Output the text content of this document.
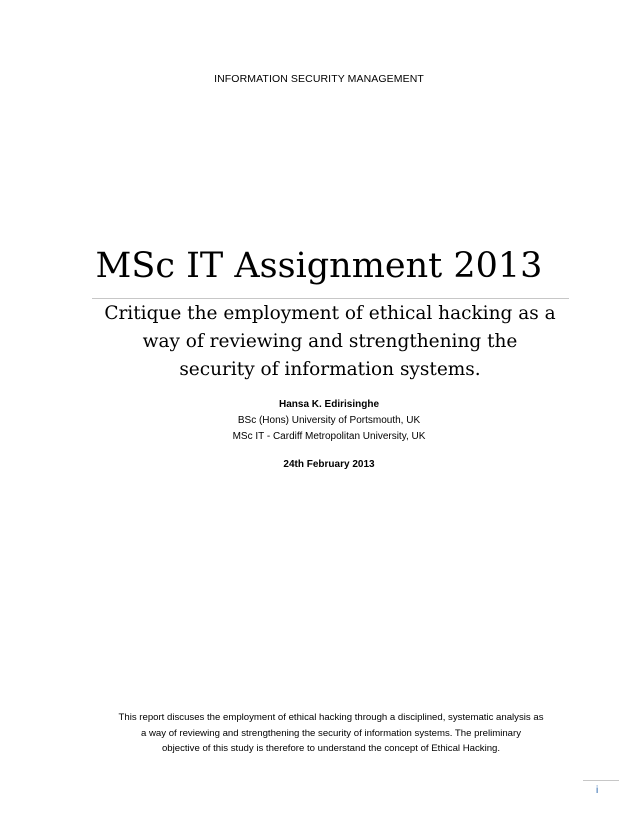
INFORMATION SECURITY MANAGEMENT
MSc IT Assignment 2013
Critique the employment of ethical hacking as a
way of reviewing and strengthening the
security of information systems.
Hansa K. Edirisinghe
BSc (Hons) University of Portsmouth, UK
MSc IT - Cardiff Metropolitan University, UK
24th February 2013
This report discuses the employment of ethical hacking through a disciplined, systematic analysis as
a way of reviewing and strengthening the security of information systems. The preliminary
objective of this study is therefore to understand the concept of Ethical Hacking.
i
